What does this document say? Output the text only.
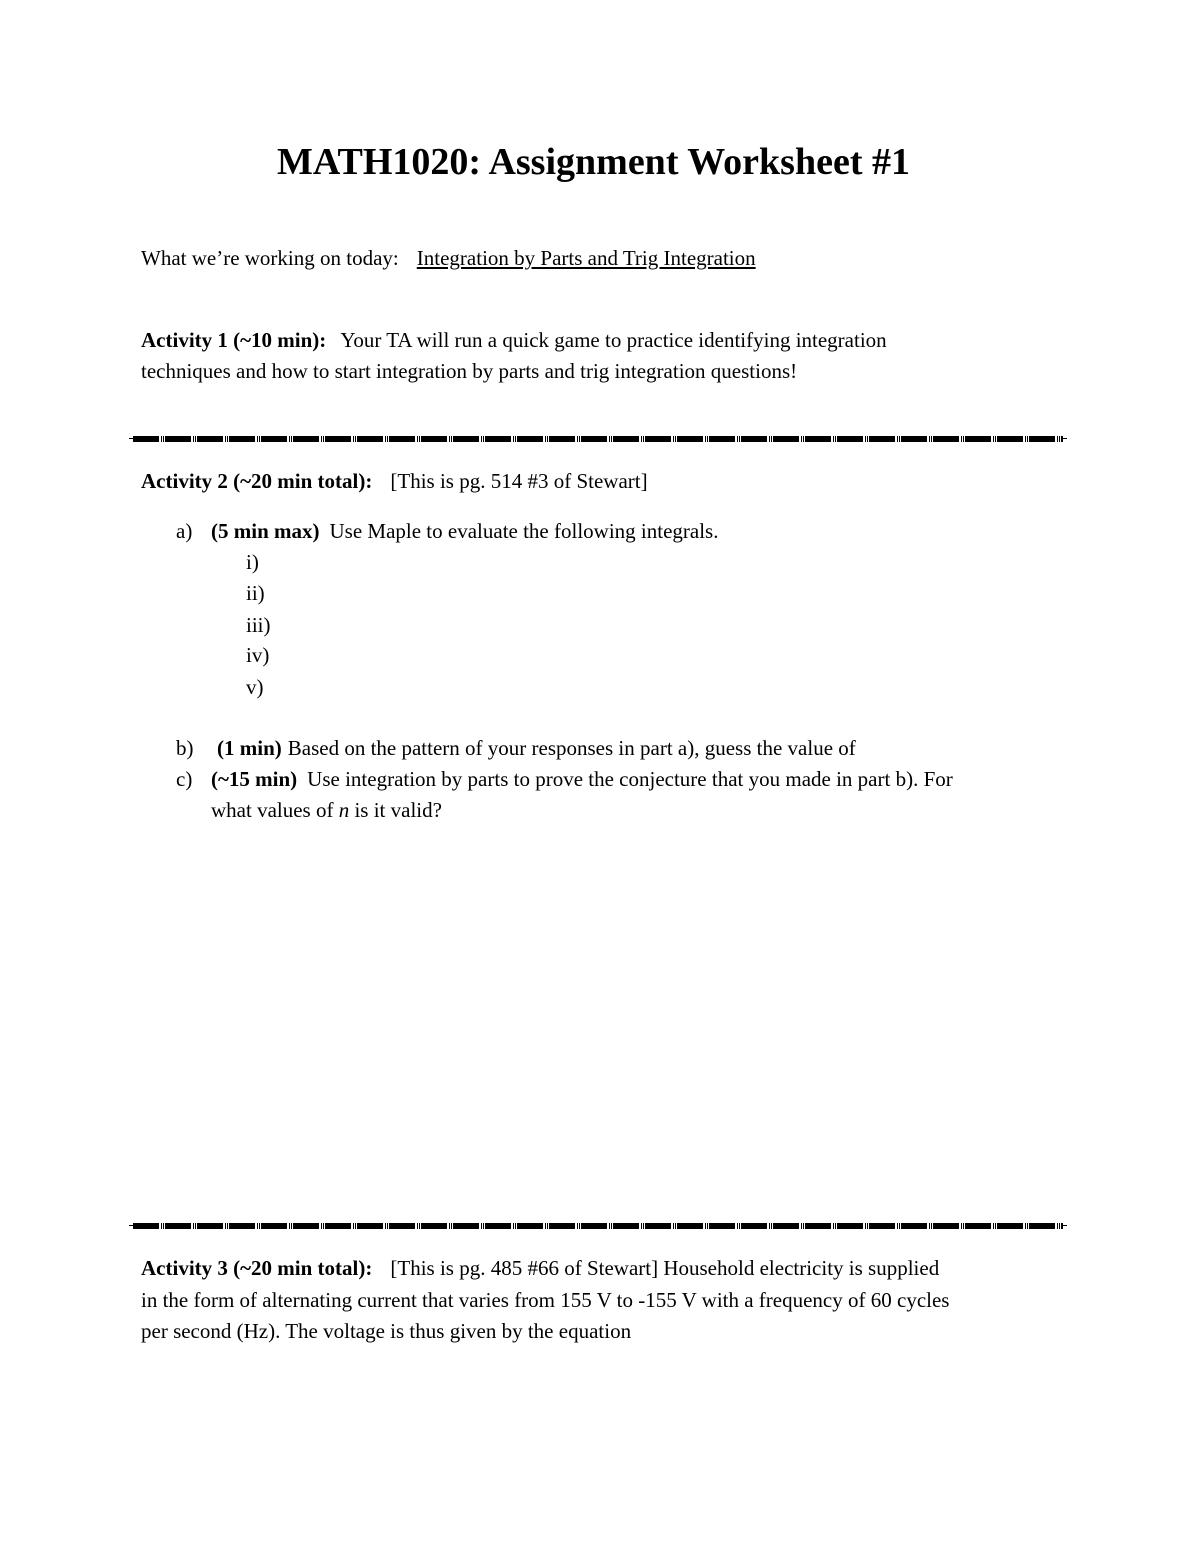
MATH1020: Assignment Worksheet #1
What we’re working on today: Integration by Parts and Trig Integration
Activity 1 (~10 min): Your TA will run a quick game to practice identifying integration
techniques and how to start integration by parts and trig integration questions!
Activity 2 (~20 min total): [This is pg. 514 #3 of Stewart]
a) (5 min max) Use Maple to evaluate the following integrals.
i)
ii)
iii)
iv)
v)
b) (1 min) Based on the pattern of your responses in part a), guess the value of
c) (~15 min) Use integration by parts to prove the conjecture that you made in part b). For
what values of n is it valid?
Activity 3 (~20 min total): [This is pg. 485 #66 of Stewart] Household electricity is supplied
in the form of alternating current that varies from 155 V to -155 V with a frequency of 60 cycles
per second (Hz). The voltage is thus given by the equation
